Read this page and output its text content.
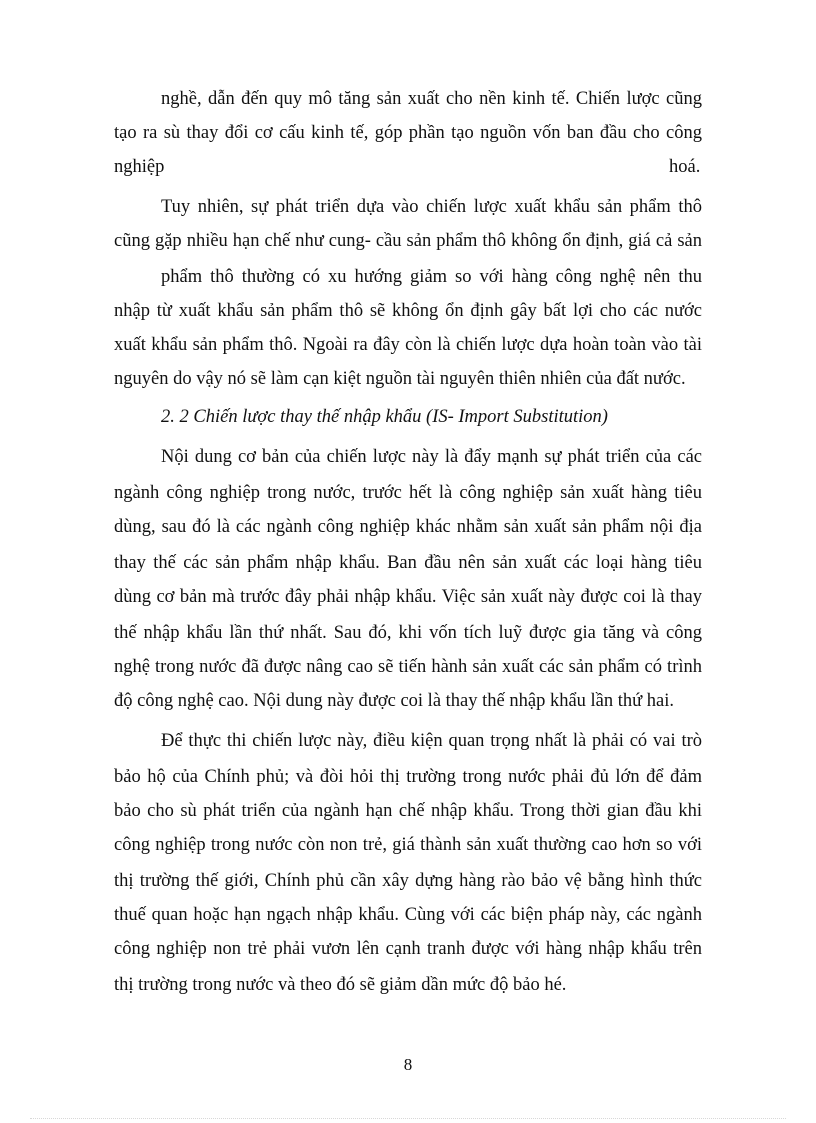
nghề, dẫn đến quy mô tăng sản xuất cho nền kinh tế. Chiến lược cũng
tạo ra sù thay đổi cơ cấu kinh tế, góp phần tạo nguồn vốn ban đầu cho công
nghiệp	hoá.
Tuy nhiên, sự phát triển dựa vào chiến lược xuất khẩu sản phẩm thô
cũng gặp nhiều hạn chế như cung- cầu sản phẩm thô không ổn định, giá cả sản
phẩm thô thường có xu hướng giảm so với hàng công nghệ nên thu
nhập từ xuất khẩu sản phẩm thô sẽ không ổn định gây bất lợi cho các nước
xuất khẩu sản phẩm thô. Ngoài ra đây còn là chiến lược dựa hoàn toàn vào tài
nguyên do vậy nó sẽ làm cạn kiệt nguồn tài nguyên thiên nhiên của đất nước.
2. 2 Chiến lược thay thế nhập khẩu (IS- Import Substitution)
Nội dung cơ bản của chiến lược này là đẩy mạnh sự phát triển của các
ngành công nghiệp trong nước, trước hết là công nghiệp sản xuất hàng tiêu
dùng, sau đó là các ngành công nghiệp khác nhằm sản xuất sản phẩm nội địa
thay thế các sản phẩm nhập khẩu. Ban đầu nên sản xuất các loại hàng tiêu
dùng cơ bản mà trước đây phải nhập khẩu. Việc sản xuất này được coi là thay
thế nhập khẩu lần thứ nhất. Sau đó, khi vốn tích luỹ được gia tăng và công
nghệ trong nước đã được nâng cao sẽ tiến hành sản xuất các sản phẩm có trình
độ công nghệ cao. Nội dung này được coi là thay thế nhập khẩu lần thứ hai.
Để thực thi chiến lược này, điều kiện quan trọng nhất là phải có vai trò
bảo hộ của Chính phủ; và đòi hỏi thị trường trong nước phải đủ lớn để đảm
bảo cho sù phát triển của ngành hạn chế nhập khẩu. Trong thời gian đầu khi
công nghiệp trong nước còn non trẻ, giá thành sản xuất thường cao hơn so với
thị trường thế giới, Chính phủ cần xây dựng hàng rào bảo vệ bằng hình thức
thuế quan hoặc hạn ngạch nhập khẩu. Cùng với các biện pháp này, các ngành
công nghiệp non trẻ phải vươn lên cạnh tranh được với hàng nhập khẩu trên
thị trường trong nước và theo đó sẽ giảm dần mức độ bảo hé.
8
